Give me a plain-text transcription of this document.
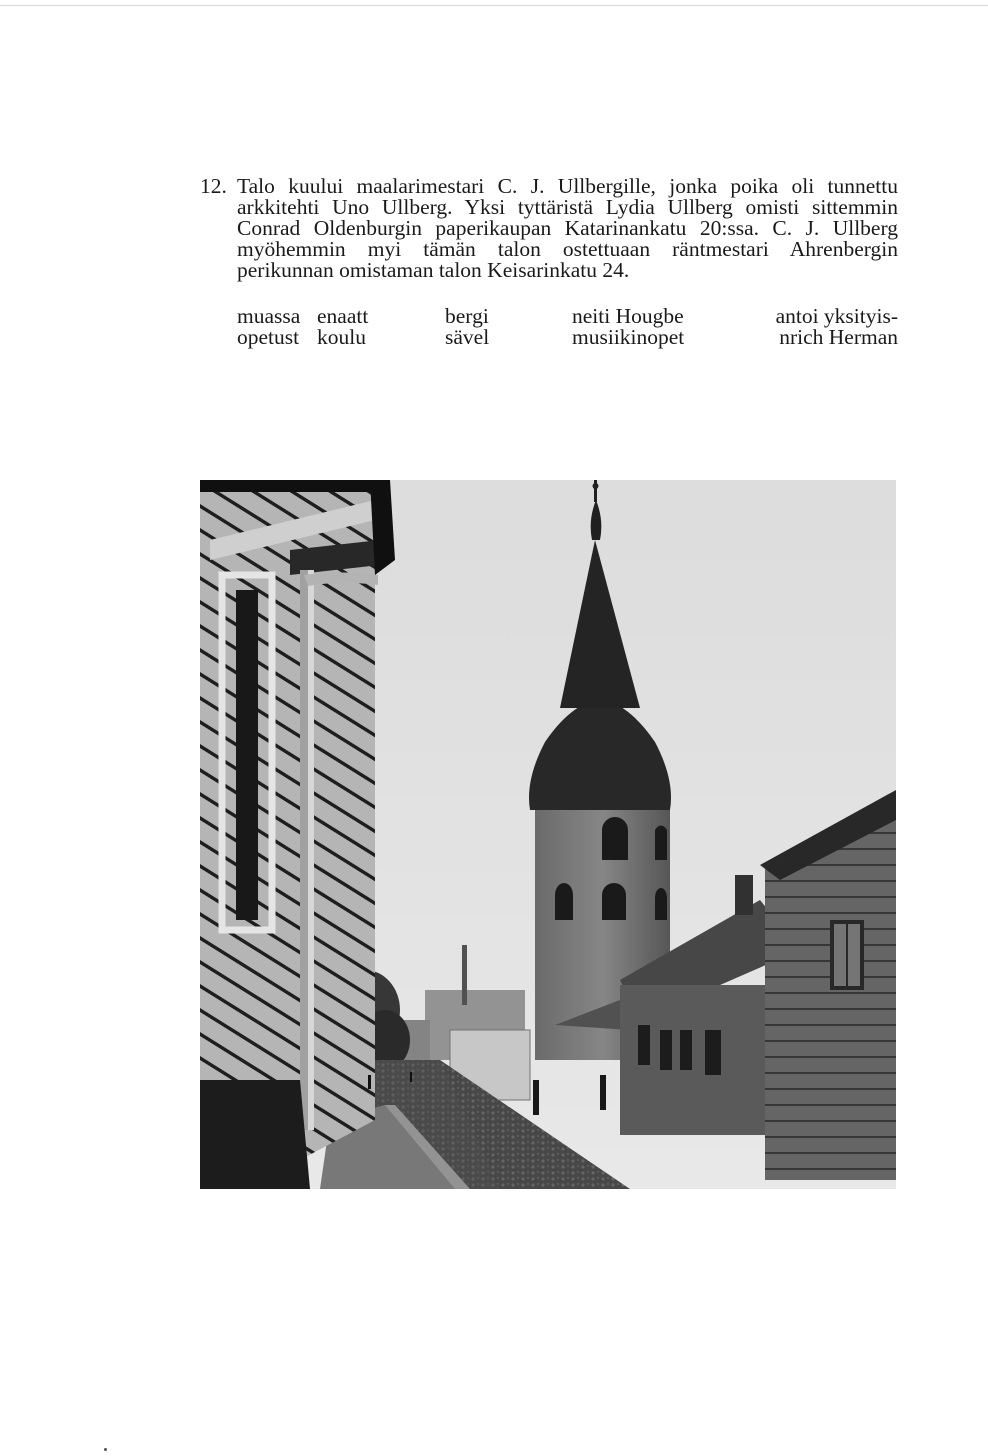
12. Talo kuului maalarimestari C. J. Ullbergille, jonka poika oli tunnettu
arkkitehti Uno Ullberg. Yksi tyttäristä Lydia Ullberg omisti sittemmin
Conrad Oldenburgin paperikaupan Katarinankatu 20:ssa. C. J. Ullberg
myöhemmin myi tämän talon ostettuaan räntmestari Ahrenbergin
perikunnan omistaman talon Keisarinkatu 24.
muassa enaatt	bergi	neiti Hougbe	antoi yksityis-
opetust koulu	sävel	musiikinopet	nrich Herman
